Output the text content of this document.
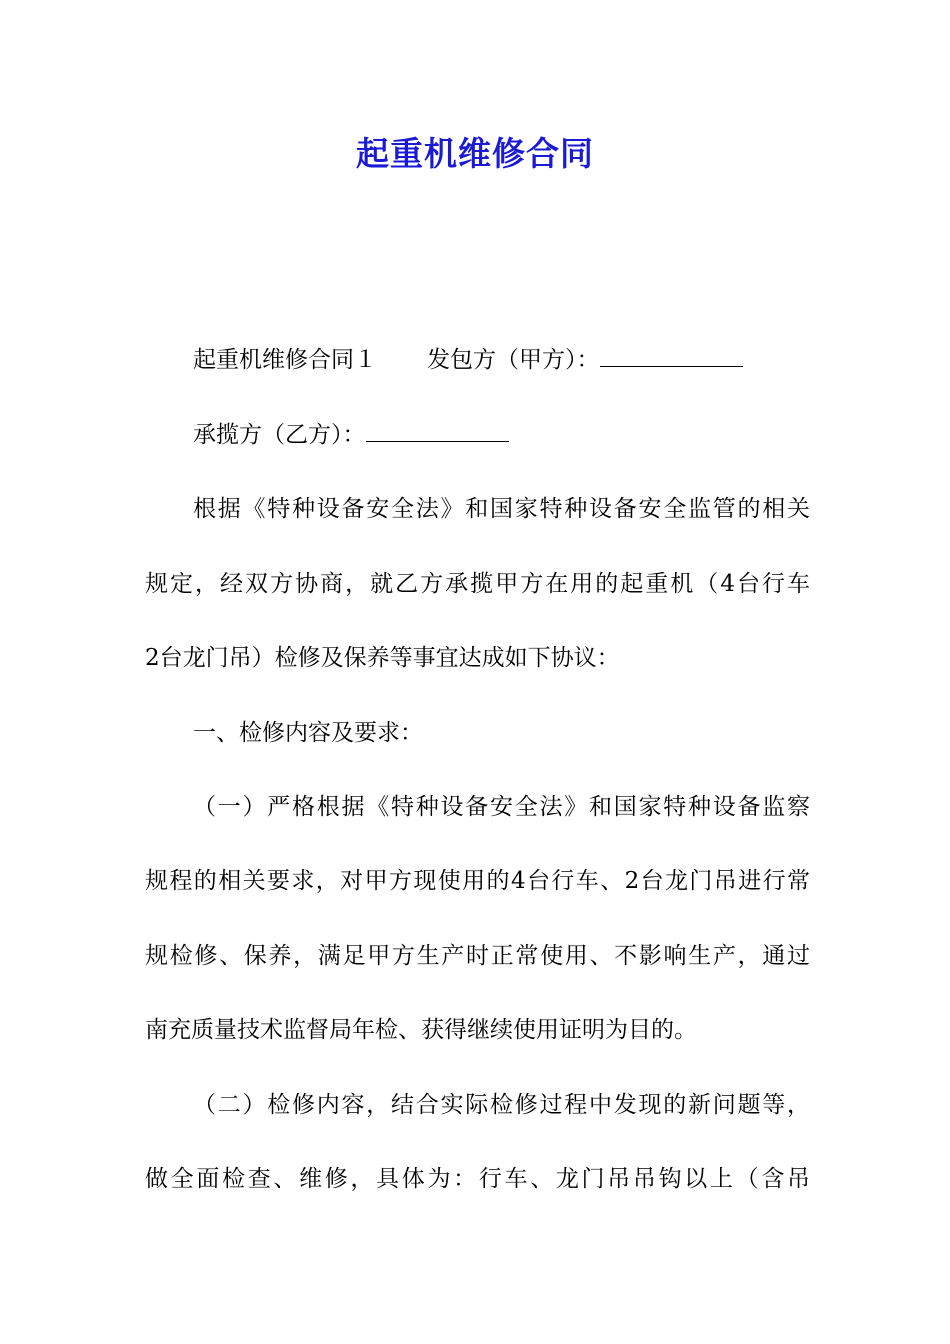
起重机维修合同
起重机维修合同１ 发包方（甲方）：
承揽方（乙方）：
根据《特种设备安全法》和国家特种设备安全监管的相关
规定，经双方协商，就乙方承揽甲方在用的起重机（4台行车
2台龙门吊）检修及保养等事宜达成如下协议：
一、检修内容及要求：
（一）严格根据《特种设备安全法》和国家特种设备监察
规程的相关要求，对甲方现使用的4台行车、2台龙门吊进行常
规检修、保养，满足甲方生产时正常使用、不影响生产，通过
南充质量技术监督局年检、获得继续使用证明为目的。
（二）检修内容，结合实际检修过程中发现的新问题等，
做全面检查、维修，具体为：行车、龙门吊吊钩以上（含吊
